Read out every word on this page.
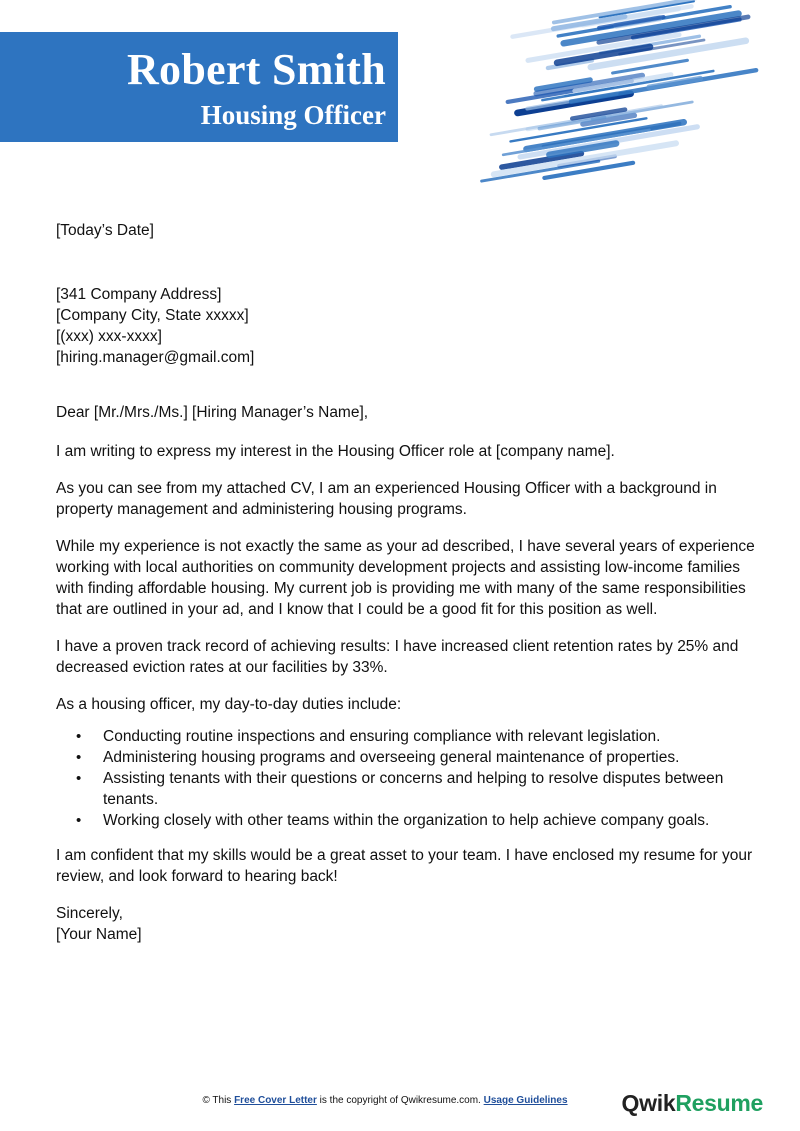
Robert Smith
Housing Officer

[Today’s Date]

[341 Company Address]

[Company City, State xxxxx]

[(xxx) xxx-xxxx]

[hiring.manager@gmail.com]

Dear [Mr./Mrs./Ms.] [Hiring Manager’s Name],

I am writing to express my interest in the Housing Officer role at [company name].

As you can see from my attached CV, I am an experienced Housing Officer with a background in property management and administering housing programs.

While my experience is not exactly the same as your ad described, I have several years of experience working with local authorities on community development projects and assisting low-income families with finding affordable housing. My current job is providing me with many of the same responsibilities that are outlined in your ad, and I know that I could be a good fit for this position as well.

I have a proven track record of achieving results: I have increased client retention rates by 25% and decreased eviction rates at our facilities by 33%.

As a housing officer, my day-to-day duties include:

• Conducting routine inspections and ensuring compliance with relevant legislation.
• Administering housing programs and overseeing general maintenance of properties.
• Assisting tenants with their questions or concerns and helping to resolve disputes between tenants.
• Working closely with other teams within the organization to help achieve company goals.

I am confident that my skills would be a great asset to your team. I have enclosed my resume for your review, and look forward to hearing back!

Sincerely,

[Your Name]

© This Free Cover Letter is the copyright of Qwikresume.com. Usage Guidelines	QwikResume
